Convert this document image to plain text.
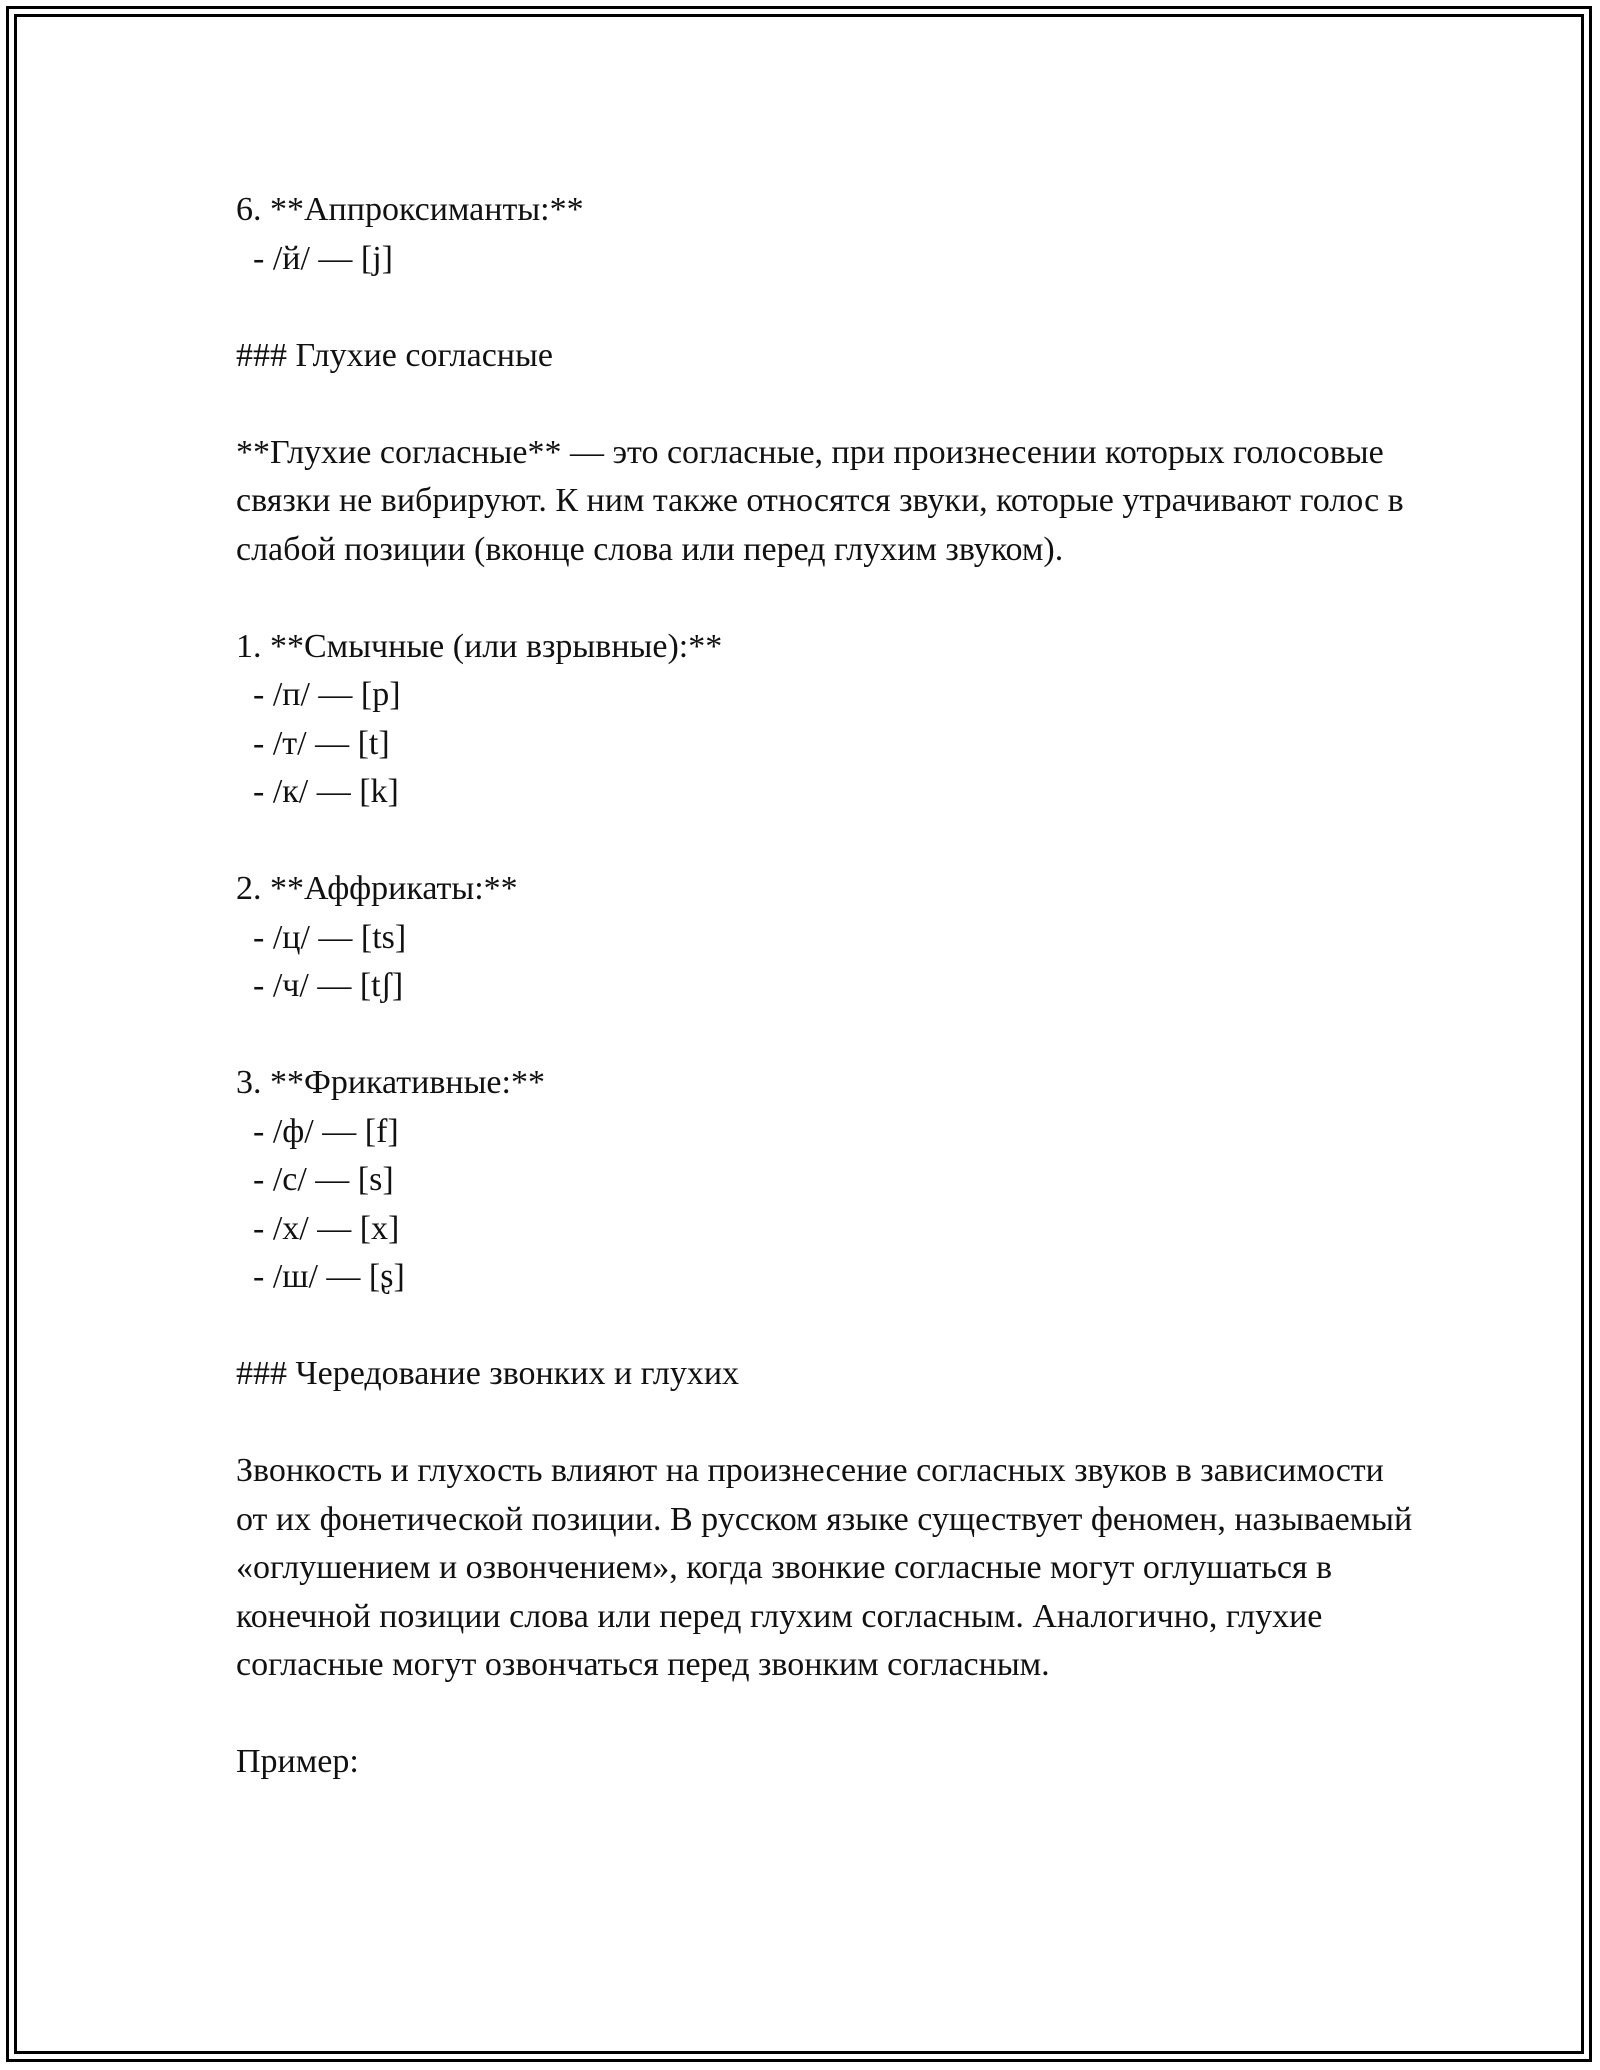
6. **Аппроксиманты:**
- /й/ — [j]
### Глухие согласные
**Глухие согласные** — это согласные, при произнесении которых голосовые связки не вибрируют. К ним также относятся звуки, которые утрачивают голос в слабой позиции (вконце слова или перед глухим звуком).
1. **Смычные (или взрывные):**
- /п/ — [p]
- /т/ — [t]
- /к/ — [k]
2. **Аффрикаты:**
- /ц/ — [ts]
- /ч/ — [tʃ]
3. **Фрикативные:**
- /ф/ — [f]
- /с/ — [s]
- /х/ — [x]
- /ш/ — [ʂ]
### Чередование звонких и глухих
Звонкость и глухость влияют на произнесение согласных звуков в зависимости от их фонетической позиции. В русском языке существует феномен, называемый «оглушением и озвончением», когда звонкие согласные могут оглушаться в конечной позиции слова или перед глухим согласным. Аналогично, глухие согласные могут озвончаться перед звонким согласным.
Пример:
